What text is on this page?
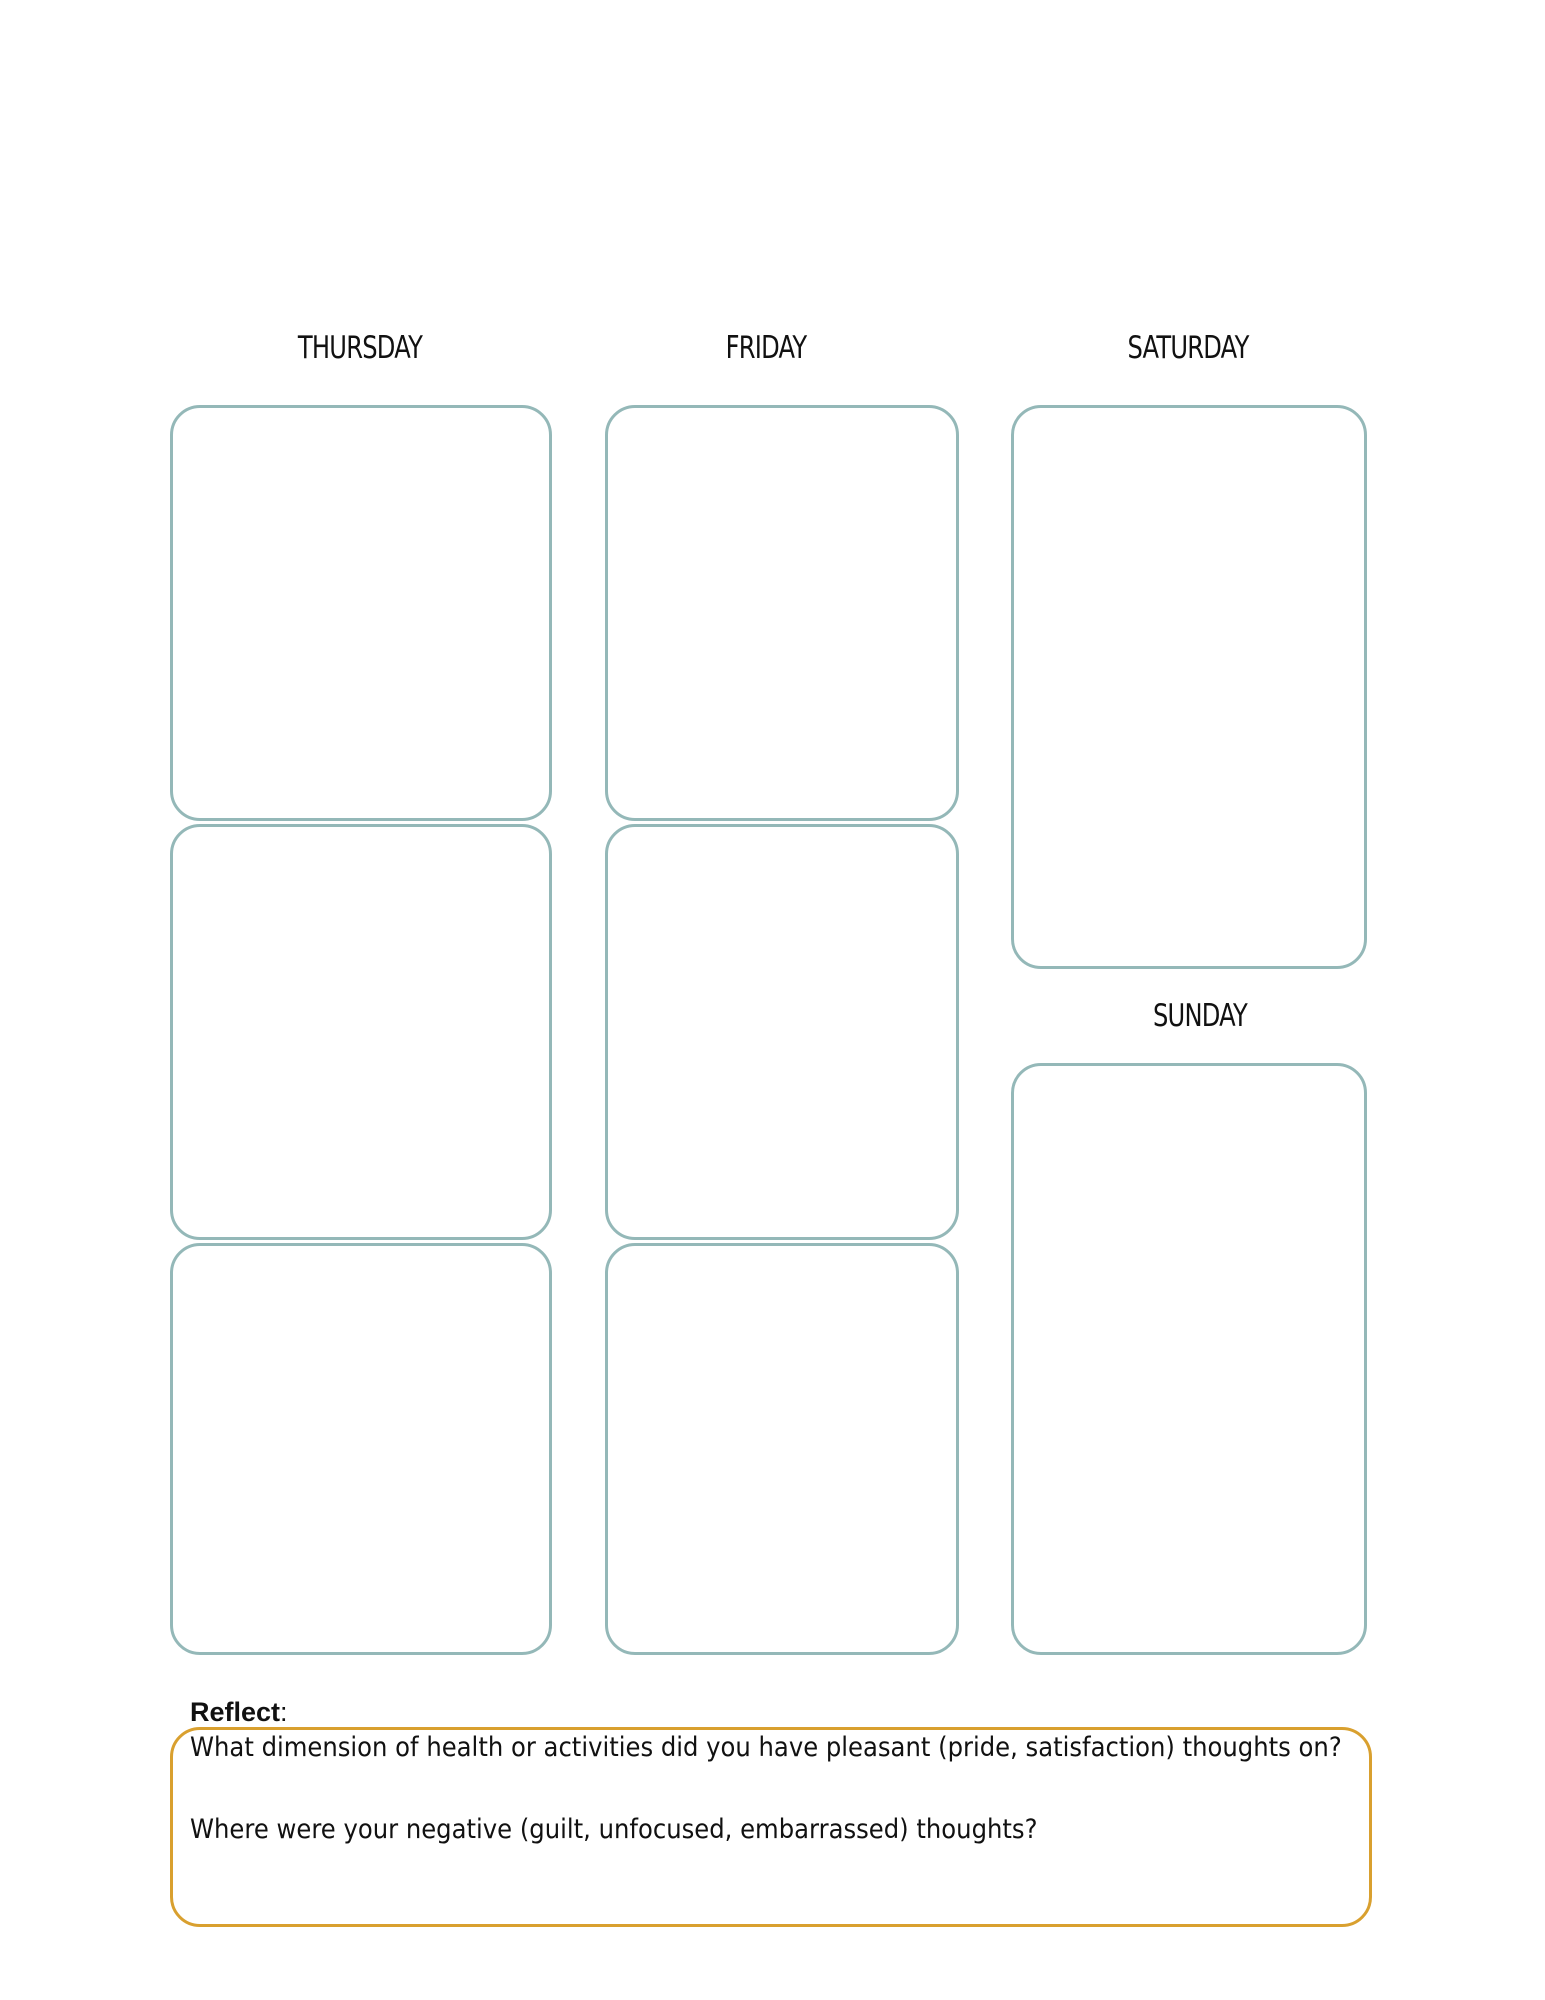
THURSDAY	FRIDAY	SATURDAY
SUNDAY
Reflect:
What dimension of health or activities did you have pleasant (pride, satisfaction) thoughts on?
Where were your negative (guilt, unfocused, embarrassed) thoughts?
